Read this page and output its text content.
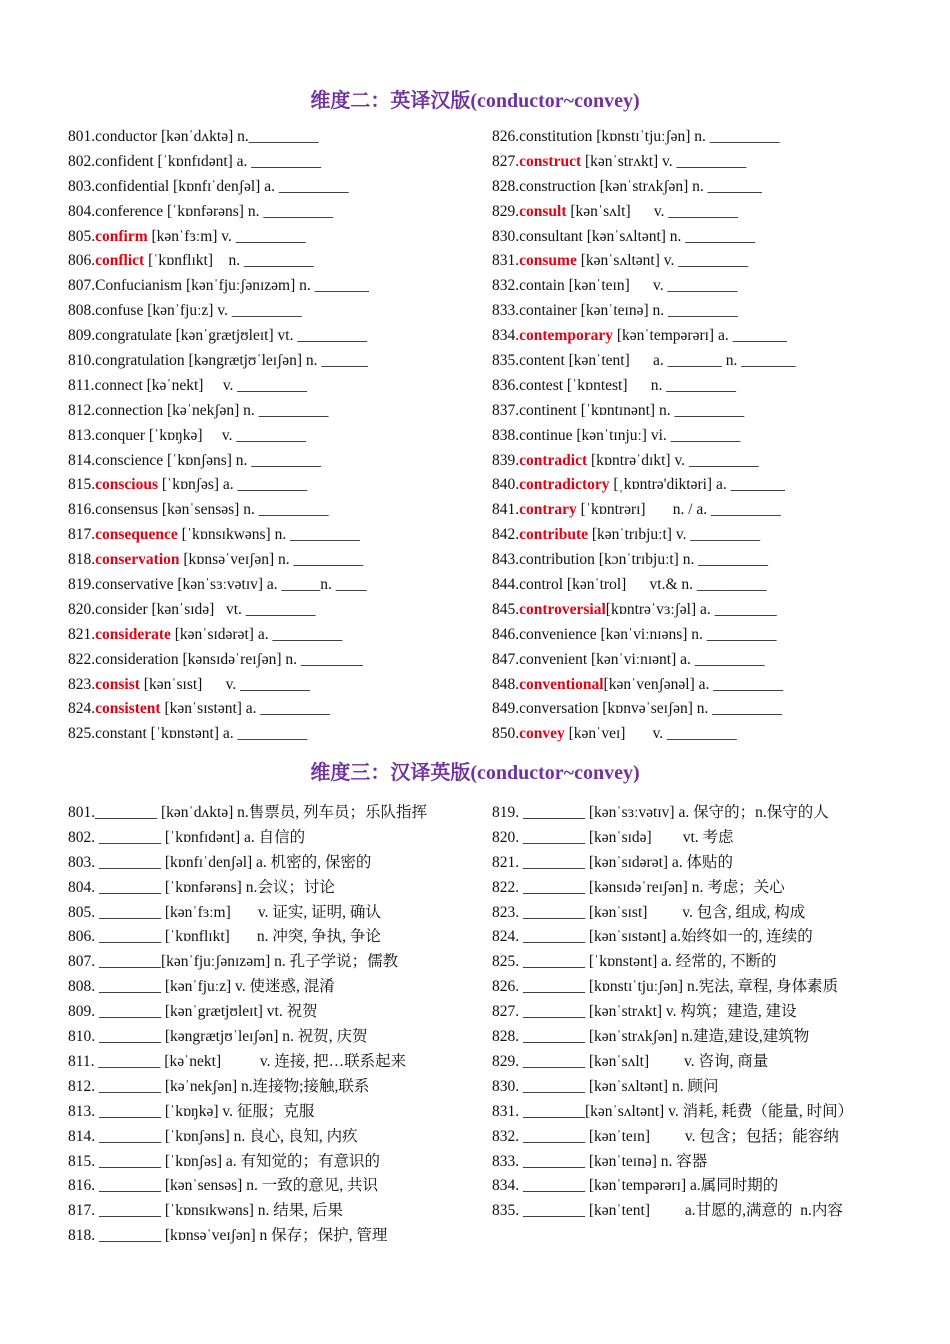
维度二：英译汉版(conductor~convey)
801.conductor [kənˈdʌktə] n._________
802.confident [ˈkɒnfɪdənt] a. _________
803.confidential [kɒnfɪˈdenʃəl] a. _________
804.conference [ˈkɒnfərəns] n. _________
805.confirm [kənˈfɜːm] v. _________
806.conflict [ˈkɒnflɪkt]    n. _________
807.Confucianism [kənˈfjuːʃənɪzəm] n. _______
808.confuse [kənˈfjuːz] v. _________
809.congratulate [kənˈgrætjʊleɪt] vt. _________
810.congratulation [kəngrætjʊˈleɪʃən] n. ______
811.connect [kəˈnekt]     v. _________
812.connection [kəˈnekʃən] n. _________
813.conquer [ˈkɒŋkə]     v. _________
814.conscience [ˈkɒnʃəns] n. _________
815.conscious [ˈkɒnʃəs] a. _________
816.consensus [kənˈsensəs] n. _________
817.consequence [ˈkɒnsɪkwəns] n. _________
818.conservation [kɒnsəˈveɪʃən] n. _________
819.conservative [kənˈsɜːvətɪv] a. _____n. ____
820.consider [kənˈsɪdə]   vt. _________
821.considerate [kənˈsɪdərət] a. _________
822.consideration [kənsɪdəˈreɪʃən] n. ________
823.consist [kənˈsɪst]      v. _________
824.consistent [kənˈsɪstənt] a. _________
825.constant [ˈkɒnstənt] a. _________
826.constitution [kɒnstɪˈtjuːʃən] n. _________
827.construct [kənˈstrʌkt] v. _________
828.construction [kənˈstrʌkʃən] n. _______
829.consult [kənˈsʌlt]      v. _________
830.consultant [kənˈsʌltənt] n. _________
831.consume [kənˈsʌltənt] v. _________
832.contain [kənˈteɪn]      v. _________
833.container [kənˈteɪnə] n. _________
834.contemporary [kənˈtempərərɪ] a. _______
835.content [kənˈtent]      a. _______ n. _______
836.contest [ˈkɒntest]      n. _________
837.continent [ˈkɒntɪnənt] n. _________
838.continue [kənˈtɪnjuː] vi. _________
839.contradict [kɒntrəˈdɪkt] v. _________
840.contradictory [ˌkɒntrə'diktəri] a. _______
841.contrary [ˈkɒntrərɪ]       n. / a. _________
842.contribute [kənˈtrɪbjuːt] v. _________
843.contribution [kɔnˈtrɪbjuːt] n. _________
844.control [kənˈtrol]      vt.& n. _________
845.controversial[kɒntrəˈvɜːʃəl] a. ________
846.convenience [kənˈviːnɪəns] n. _________
847.convenient [kənˈviːnɪənt] a. _________
848.conventional[kənˈvenʃənəl] a. _________
849.conversation [kɒnvəˈseɪʃən] n. _________
850.convey [kənˈveɪ]       v. _________
维度三：汉译英版(conductor~convey)
801.________ [kənˈdʌktə] n.售票员, 列车员；乐队指挥
802. ________ [ˈkɒnfɪdənt] a. 自信的
803. ________ [kɒnfɪˈdenʃəl] a. 机密的, 保密的
804. ________ [ˈkɒnfərəns] n.会议；讨论
805. ________ [kənˈfɜːm]       v. 证实, 证明, 确认
806. ________ [ˈkɒnflɪkt]       n. 冲突, 争执, 争论
807. ________[kənˈfjuːʃənɪzəm] n. 孔子学说；儒教
808. ________ [kənˈfjuːz] v. 使迷惑, 混淆
809. ________ [kənˈgrætjʊleɪt] vt. 祝贺
810. ________ [kəngrætjʊˈleɪʃən] n. 祝贺, 庆贺
811. ________ [kəˈnekt]          v. 连接, 把…联系起来
812. ________ [kəˈnekʃən] n.连接物;接触,联系
813. ________ [ˈkɒŋkə] v. 征服；克服
814. ________ [ˈkɒnʃəns] n. 良心, 良知, 内疚
815. ________ [ˈkɒnʃəs] a. 有知觉的；有意识的
816. ________ [kənˈsensəs] n. 一致的意见, 共识
817. ________ [ˈkɒnsɪkwəns] n. 结果, 后果
818. ________ [kɒnsəˈveɪʃən] n 保存；保护, 管理
819. ________ [kənˈsɜːvətɪv] a. 保守的；n.保守的人
820. ________ [kənˈsɪdə]        vt. 考虑
821. ________ [kənˈsɪdərət] a. 体贴的
822. ________ [kənsɪdəˈreɪʃən] n. 考虑；关心
823. ________ [kənˈsɪst]         v. 包含, 组成, 构成
824. ________ [kənˈsɪstənt] a.始终如一的, 连续的
825. ________ [ˈkɒnstənt] a. 经常的, 不断的
826. ________ [kɒnstɪˈtjuːʃən] n.宪法, 章程, 身体素质
827. ________ [kənˈstrʌkt] v. 构筑；建造, 建设
828. ________ [kənˈstrʌkʃən] n.建造,建设,建筑物
829. ________ [kənˈsʌlt]         v. 咨询, 商量
830. ________ [kənˈsʌltənt] n. 顾问
831. ________[kənˈsʌltənt] v. 消耗, 耗费（能量, 时间）
832. ________ [kənˈteɪn]         v. 包含；包括；能容纳
833. ________ [kənˈteɪnə] n. 容器
834. ________ [kənˈtempərərɪ] a.属同时期的
835. ________ [kənˈtent]         a.甘愿的,满意的  n.内容
